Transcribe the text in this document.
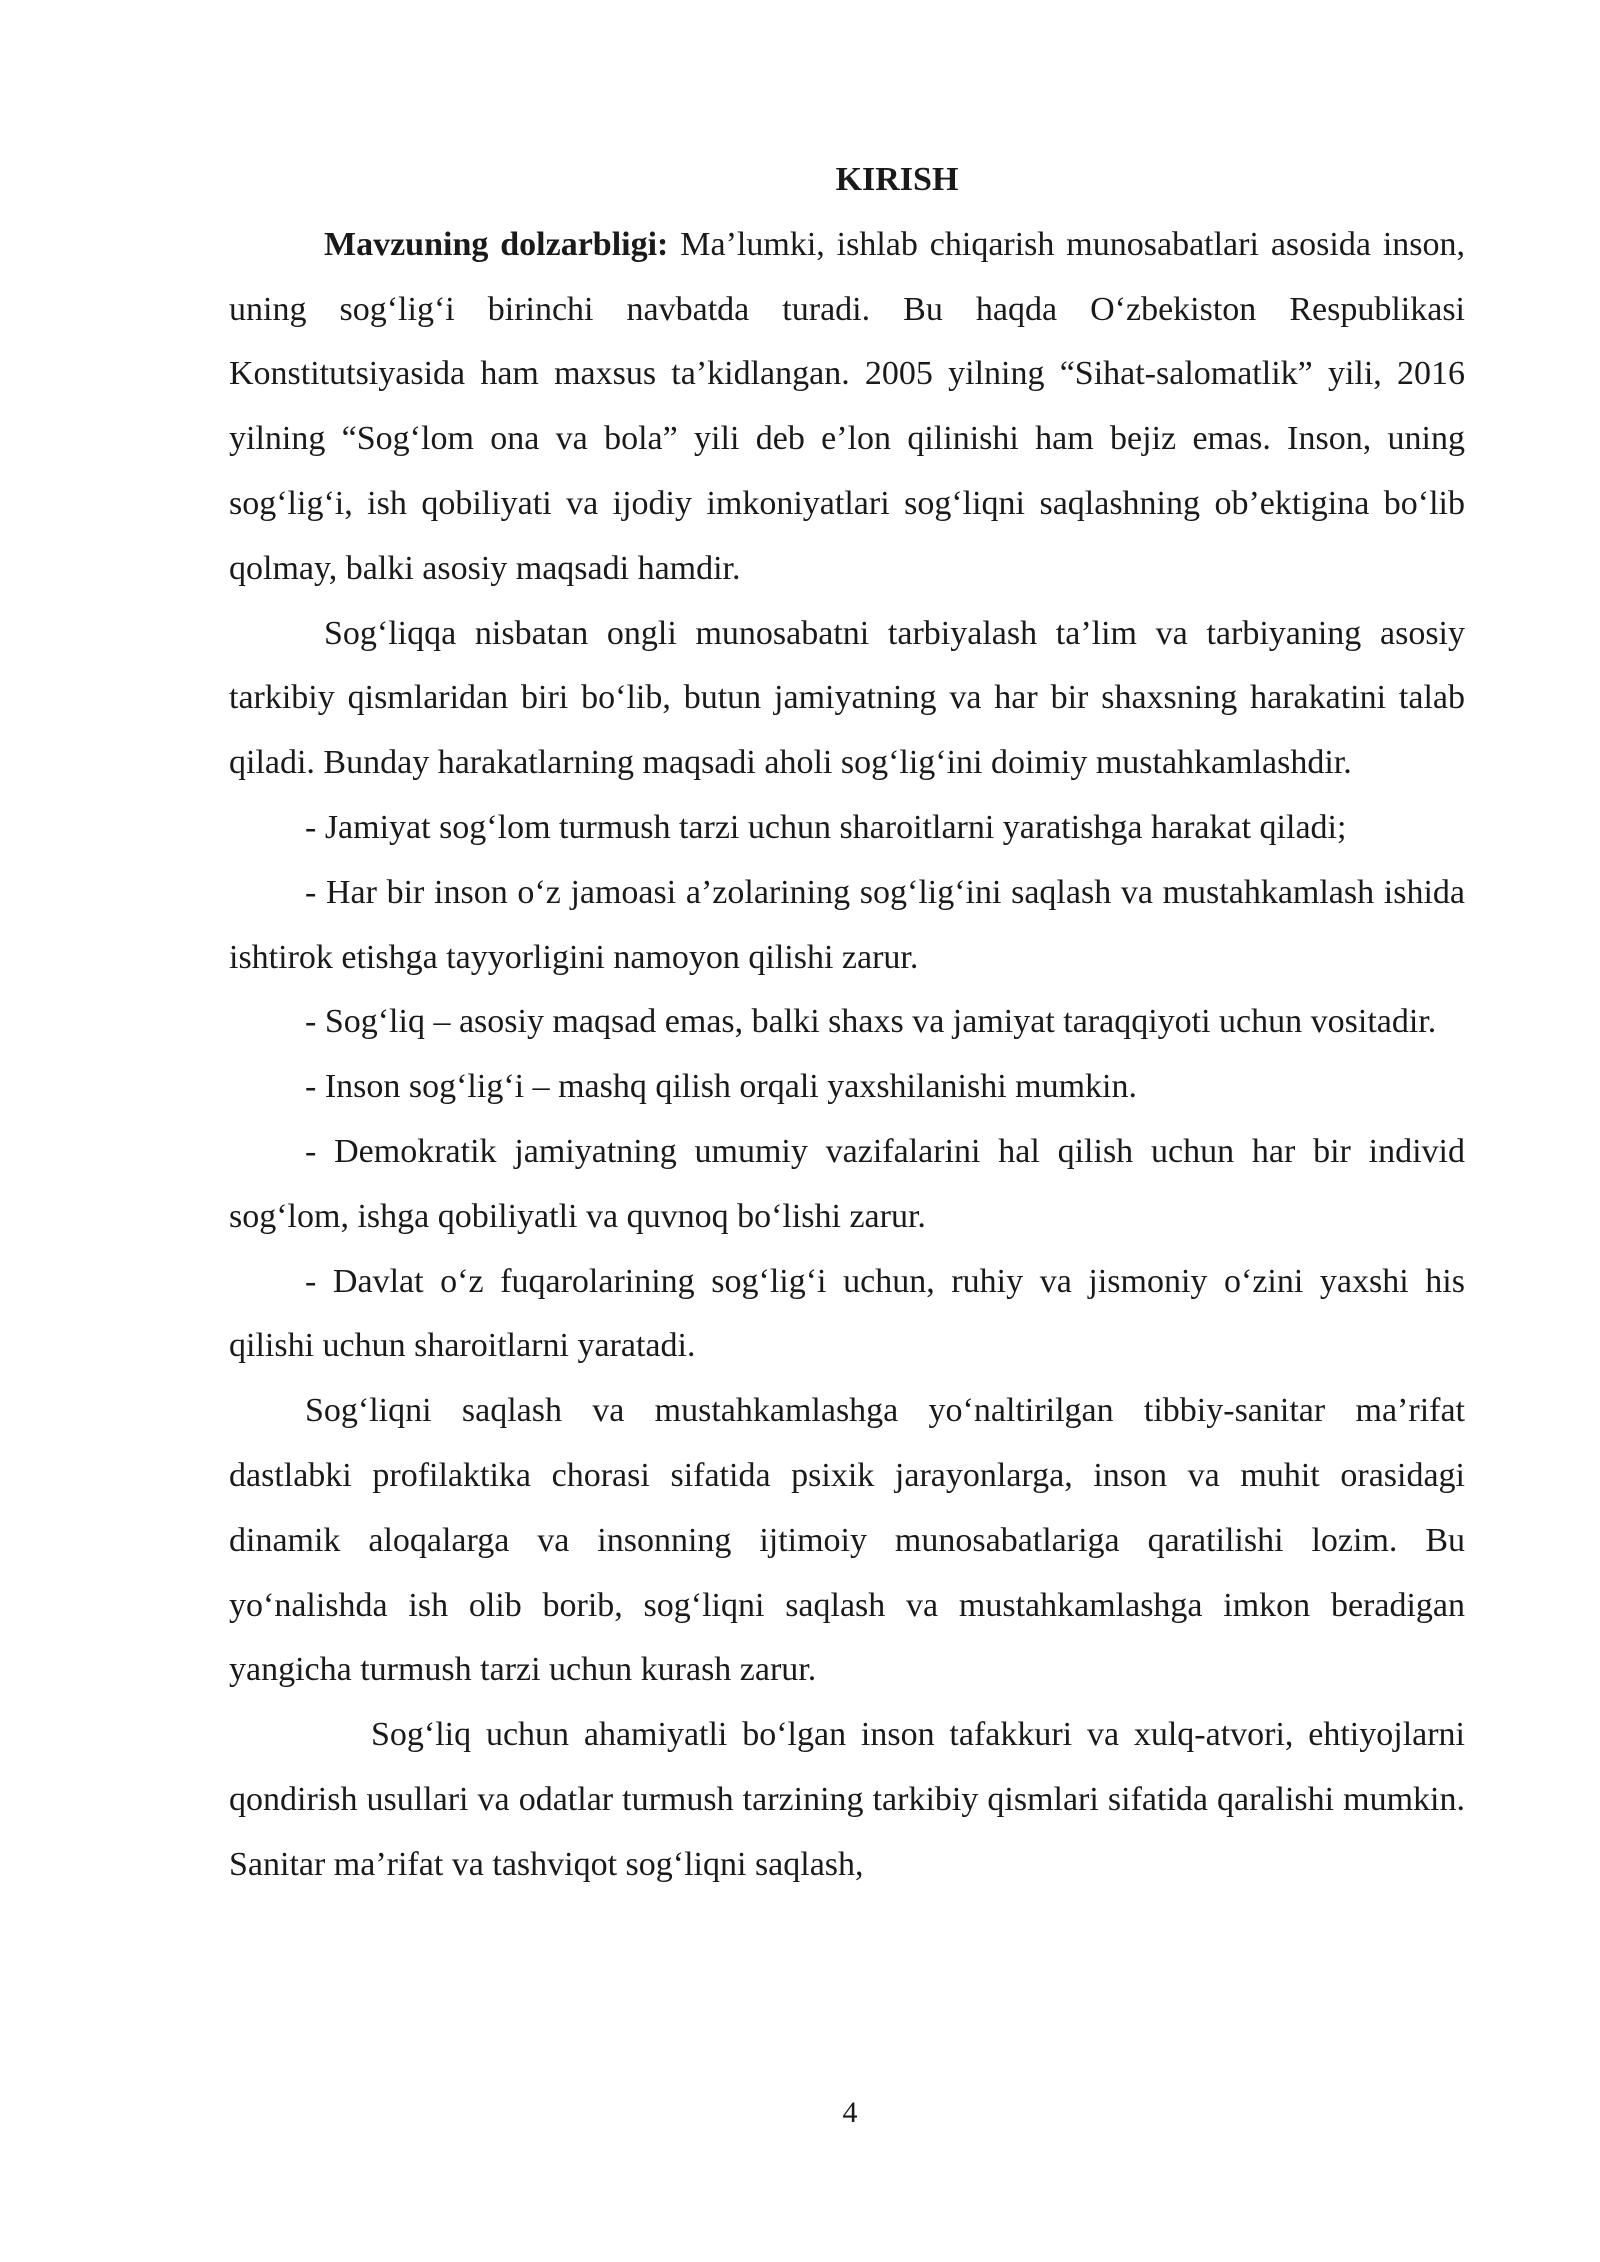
KIRISH

Mavzuning dolzarbligi: Ma’lumki, ishlab chiqarish munosabatlari asosida inson, uning sog‘lig‘i birinchi navbatda turadi. Bu haqda O‘zbekiston Respublikasi Konstitutsiyasida ham maxsus ta’kidlangan. 2005 yilning “Sihat-salomatlik” yili, 2016 yilning “Sog‘lom ona va bola” yili deb e’lon qilinishi ham bejiz emas. Inson, uning sog‘lig‘i, ish qobiliyati va ijodiy imkoniyatlari sog‘liqni saqlashning ob’ektigina bo‘lib qolmay, balki asosiy maqsadi hamdir.

Sog‘liqqa nisbatan ongli munosabatni tarbiyalash ta’lim va tarbiyaning asosiy tarkibiy qismlaridan biri bo‘lib, butun jamiyatning va har bir shaxsning harakatini talab qiladi. Bunday harakatlarning maqsadi aholi sog‘lig‘ini doimiy mustahkamlashdir.

- Jamiyat sog‘lom turmush tarzi uchun sharoitlarni yaratishga harakat qiladi;

- Har bir inson o‘z jamoasi a’zolarining sog‘lig‘ini saqlash va mustahkamlash ishida ishtirok etishga tayyorligini namoyon qilishi zarur.

- Sog‘liq – asosiy maqsad emas, balki shaxs va jamiyat taraqqiyoti uchun vositadir.

- Inson sog‘lig‘i – mashq qilish orqali yaxshilanishi mumkin.

- Demokratik jamiyatning umumiy vazifalarini hal qilish uchun har bir individ sog‘lom, ishga qobiliyatli va quvnoq bo‘lishi zarur.

- Davlat o‘z fuqarolarining sog‘lig‘i uchun, ruhiy va jismoniy o‘zini yaxshi his qilishi uchun sharoitlarni yaratadi.

Sog‘liqni saqlash va mustahkamlashga yo‘naltirilgan tibbiy-sanitar ma’rifat dastlabki profilaktika chorasi sifatida psixik jarayonlarga, inson va muhit orasidagi dinamik aloqalarga va insonning ijtimoiy munosabatlariga qaratilishi lozim. Bu yo‘nalishda ish olib borib, sog‘liqni saqlash va mustahkamlashga imkon beradigan yangicha turmush tarzi uchun kurash zarur.

Sog‘liq uchun ahamiyatli bo‘lgan inson tafakkuri va xulq-atvori, ehtiyojlarni qondirish usullari va odatlar turmush tarzining tarkibiy qismlari sifatida qaralishi mumkin. Sanitar ma’rifat va tashviqot sog‘liqni saqlash,

4
